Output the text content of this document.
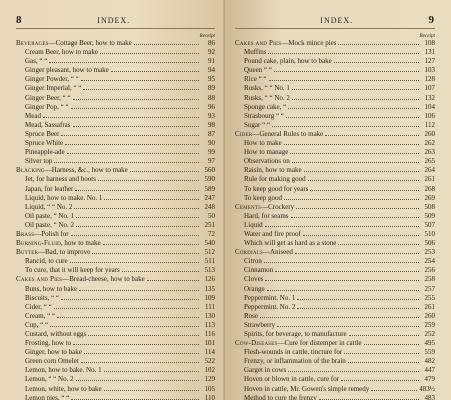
8	INDEX.
Receipt
Beverages—Cottage Beer, how to make	86
Cream Beer, how to make	92
Gas, “ “	91
Ginger pleasant, how to make	94
Ginger Powder, “ “	95
Ginger Imperial, “ “	89
Ginger Beer, “ “	88
Ginger Pop, “ “	96
Mead	93
Mead, Sassafras	98
Spruce Beer	87
Spruce White	90
Pineapple-ade	99
Silver top	97
Blacking—Harness, &c., how to make	560
Jet, for harness and boots	590
Japan, for leather	589
Liquid, how to make. No. 1	247
Liquid, “ “ No. 2	248
Oil paste, “ No. 1	50
Oil paste, “ No. 2	251
Brass—Polish for	72
Burning-Fluid, how to make	540
Butter—Bad, to improve	512
Rancid, to cure	511
To cure, that it will keep for years	513
Cakes and Pies—Bread-cheese, how to bake	126
Buns, how to bake	135
Biscuits, “ “	109
Cider, “ “	111
Cream, “ “	130
Cup, “ “	113
Custard, without eggs	116
Frosting, how to	101
Ginger, how to bake	114
Green corn Omelet	522
Lemon, how to bake. No. 1	102
Lemon, “ “ No. 2	129
Lemon, white, how to bake	105
Lemon pies, “ “	110
INDEX.	9
Receipt
Cakes and Pies—Mock mince pies	108
Muffins	131
Pound cake, plain, how to bake	127
Queen “ “	103
Rice “ “	128
Rusks, “ “ No. 1	107
Rusks, “ “ No. 2	132
Sponge cake, “	104
Strasbourg “ “	106
Sugar “ “	112
Cider—General Rules to make	260
How to make	262
How to manage	263
Observations on	265
Raisin, how to make	264
Rule for making good	261
To keep good for years	268
To keep good	269
Cements—Crockery	508
Hard, for seams	509
Liquid	507
Water and fire proof	510
Which will get as hard as a stone	506
Cordials—Aniseed	253
Citron	254
Cinnamon	256
Cloves	258
Orange	257
Peppermint. No. 1	255
Peppermint. No. 2	261
Rose	260
Strawberry	259
Spirits, for beverage, to manufacture	252
Cow-Diseases—Cure for distemper in cattle	495
Flesh-wounds in cattle, tincture for	559
Frenzy, or inflammation of the brain	482
Garget in cows	447
Hoven or blown in cattle, cure for	479
Hoven in cattle, Mr. Gowen's simple remedy	483½
Method to cure the frenzy	483
